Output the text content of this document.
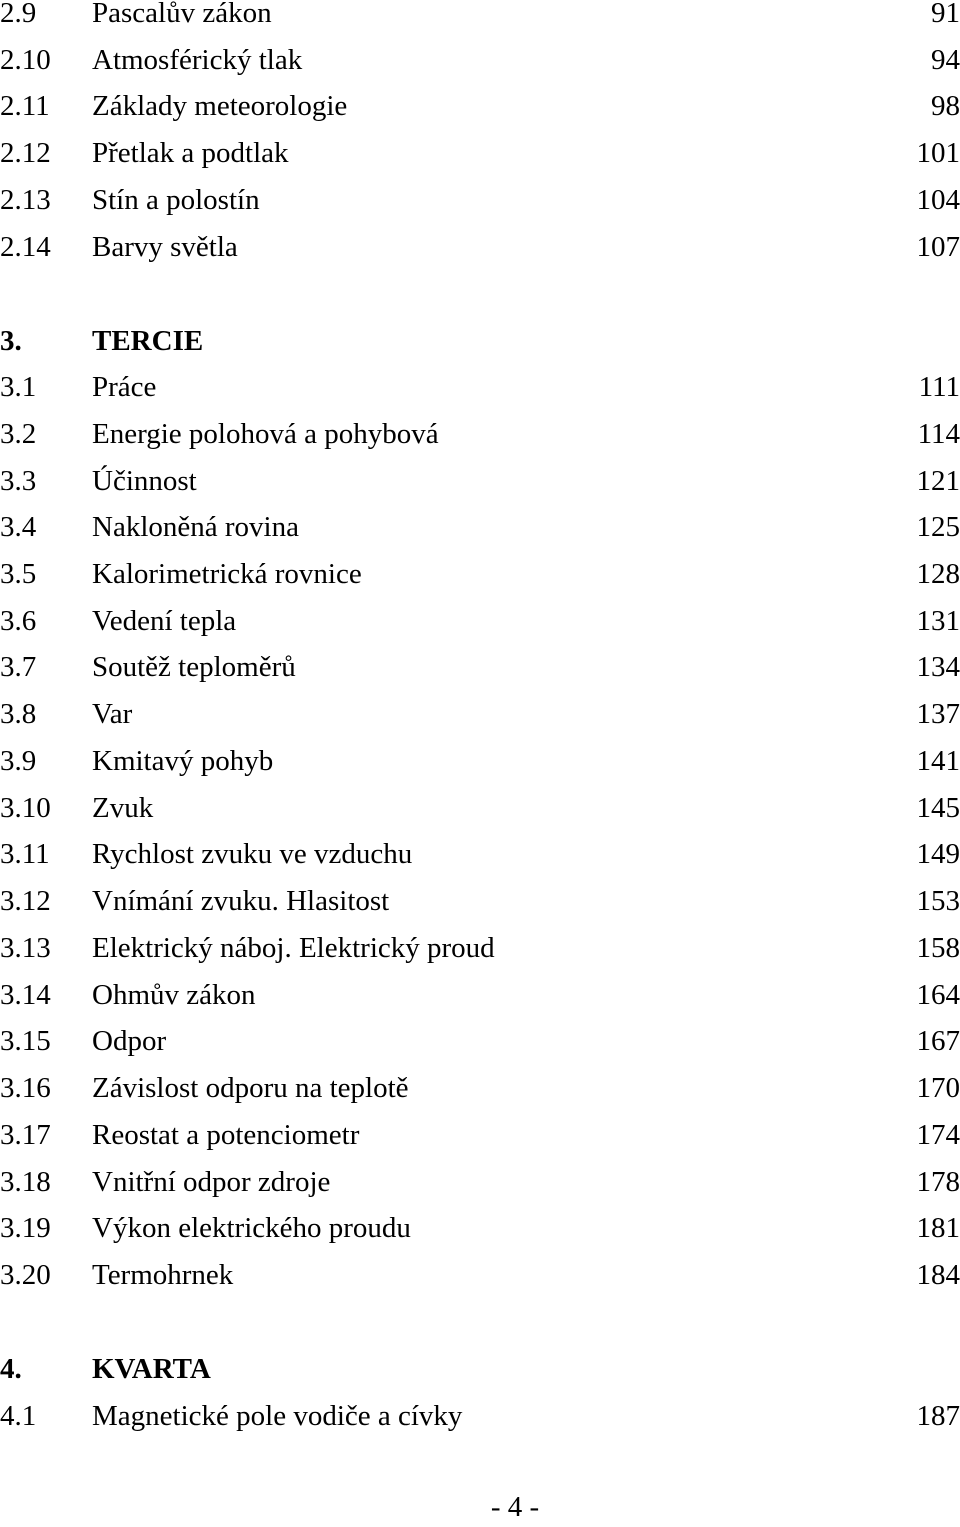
2.9 Pascalův zákon	91
2.10 Atmosférický tlak	94
2.11 Základy meteorologie	98
2.12 Přetlak a podtlak	101
2.13 Stín a polostín	104
2.14 Barvy světla	107
3. TERCIE
3.1 Práce	111
3.2 Energie polohová a pohybová	114
3.3 Účinnost	121
3.4 Nakloněná rovina	125
3.5 Kalorimetrická rovnice	128
3.6 Vedení tepla	131
3.7 Soutěž teploměrů	134
3.8 Var	137
3.9 Kmitavý pohyb	141
3.10 Zvuk	145
3.11 Rychlost zvuku ve vzduchu	149
3.12 Vnímání zvuku. Hlasitost	153
3.13 Elektrický náboj. Elektrický proud	158
3.14 Ohmův zákon	164
3.15 Odpor	167
3.16 Závislost odporu na teplotě	170
3.17 Reostat a potenciometr	174
3.18 Vnitřní odpor zdroje	178
3.19 Výkon elektrického proudu	181
3.20 Termohrnek	184
4. KVARTA
4.1 Magnetické pole vodiče a cívky	187
- 4 -
